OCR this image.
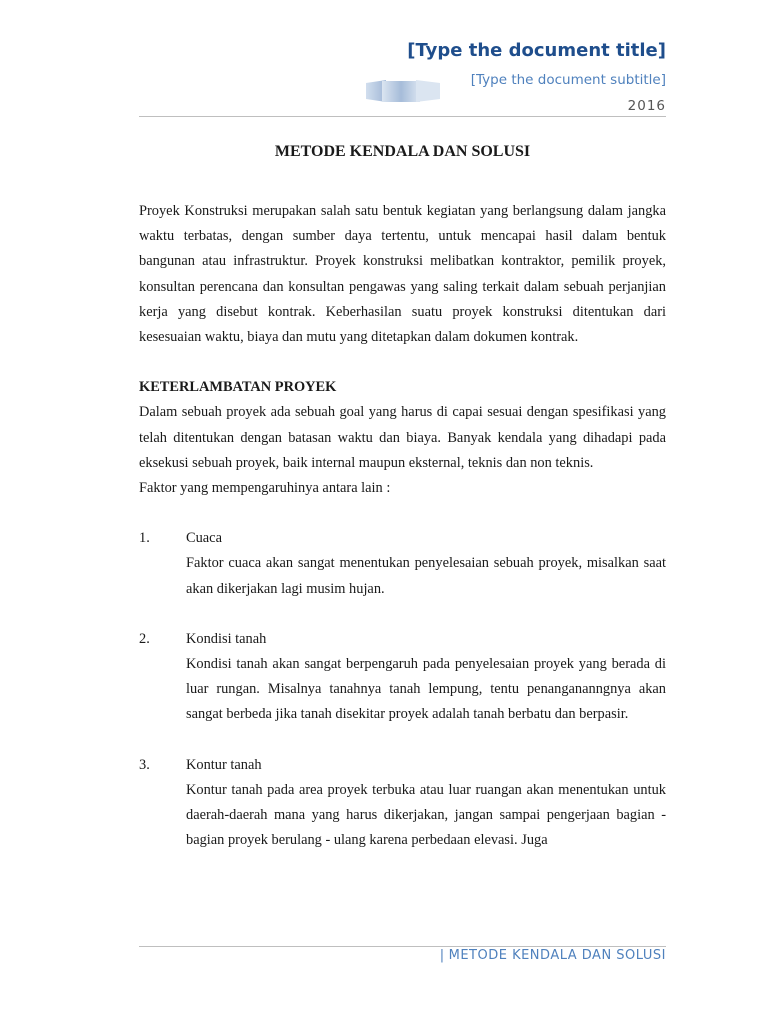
[Type the document title]
[Type the document subtitle]
2016
METODE KENDALA DAN SOLUSI

Proyek Konstruksi merupakan salah satu bentuk kegiatan yang berlangsung dalam jangka waktu terbatas, dengan sumber daya tertentu, untuk mencapai hasil dalam bentuk bangunan atau infrastruktur. Proyek konstruksi melibatkan kontraktor, pemilik proyek, konsultan perencana dan konsultan pengawas yang saling terkait dalam sebuah perjanjian kerja yang disebut kontrak. Keberhasilan suatu proyek konstruksi ditentukan dari kesesuaian waktu, biaya dan mutu yang ditetapkan dalam dokumen kontrak.

KETERLAMBATAN PROYEK

Dalam sebuah proyek ada sebuah goal yang harus di capai sesuai dengan spesifikasi yang telah ditentukan dengan batasan waktu dan biaya. Banyak kendala yang dihadapi pada eksekusi sebuah proyek, baik internal maupun eksternal, teknis dan non teknis.

Faktor yang mempengaruhinya antara lain :

1.	Cuaca

Faktor cuaca akan sangat menentukan penyelesaian sebuah proyek, misalkan saat akan dikerjakan lagi musim hujan.

2.	Kondisi tanah

Kondisi tanah akan sangat berpengaruh pada penyelesaian proyek yang berada di luar rungan. Misalnya tanahnya tanah lempung, tentu penangananngnya akan sangat berbeda jika tanah disekitar proyek adalah tanah berbatu dan berpasir.

3.	Kontur tanah

Kontur tanah pada area proyek terbuka atau luar ruangan akan menentukan untuk daerah-daerah mana yang harus dikerjakan, jangan sampai pengerjaan bagian - bagian proyek berulang - ulang karena perbedaan elevasi. Juga

| METODE KENDALA DAN SOLUSI
